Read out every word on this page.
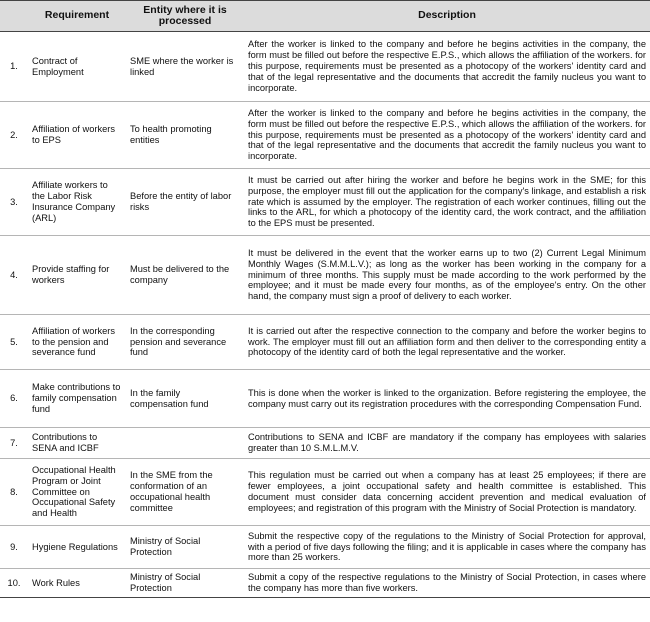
	Requirement	Entity where it is processed	Description
1.	Contract of Employment	SME where the worker is linked	After the worker is linked to the company and before he begins activities in the company, the form must be filled out before the respective E.P.S., which allows the affiliation of the workers. for this purpose, requirements must be presented as a photocopy of the workers' identity card and that of the legal representative and the documents that accredit the family nucleus you want to incorporate.
2.	Affiliation of workers to EPS	To health promoting entities	After the worker is linked to the company and before he begins activities in the company, the form must be filled out before the respective E.P.S., which allows the affiliation of the workers. for this purpose, requirements must be presented as a photocopy of the workers' identity card and that of the legal representative and the documents that accredit the family nucleus you want to incorporate.
3.	Affiliate workers to the Labor Risk Insurance Company (ARL)	Before the entity of labor risks	It must be carried out after hiring the worker and before he begins work in the SME; for this purpose, the employer must fill out the application for the company's linkage, and establish a risk rate which is assumed by the employer. The registration of each worker continues, filling out the links to the ARL, for which a photocopy of the identity card, the work contract, and the affiliation to the EPS must be presented.
4.	Provide staffing for workers	Must be delivered to the company	It must be delivered in the event that the worker earns up to two (2) Current Legal Minimum Monthly Wages (S.M.M.L.V.); as long as the worker has been working in the company for a minimum of three months. This supply must be made according to the work performed by the employee; and it must be made every four months, as of the employee's entry. On the other hand, the company must sign a proof of delivery to each worker.
5.	Affiliation of workers to the pension and severance fund	In the corresponding pension and severance fund	It is carried out after the respective connection to the company and before the worker begins to work. The employer must fill out an affiliation form and then deliver to the corresponding entity a photocopy of the identity card of both the legal representative and the worker.
6.	Make contributions to family compensation fund	In the family compensation fund	This is done when the worker is linked to the organization. Before registering the employee, the company must carry out its registration procedures with the corresponding Compensation Fund.
7.	Contributions to SENA and ICBF		Contributions to SENA and ICBF are mandatory if the company has employees with salaries greater than 10 S.M.L.M.V.
8.	Occupational Health Program or Joint Committee on Occupational Safety and Health	In the SME from the conformation of an occupational health committee	This regulation must be carried out when a company has at least 25 employees; if there are fewer employees, a joint occupational safety and health committee is established. This document must consider data concerning accident prevention and medical evaluation of employees; and registration of this program with the Ministry of Social Protection is mandatory.
9.	Hygiene Regulations	Ministry of Social Protection	Submit the respective copy of the regulations to the Ministry of Social Protection for approval, with a period of five days following the filing; and it is applicable in cases where the company has more than 25 workers.
10.	Work Rules	Ministry of Social Protection	Submit a copy of the respective regulations to the Ministry of Social Protection, in cases where the company has more than five workers.
